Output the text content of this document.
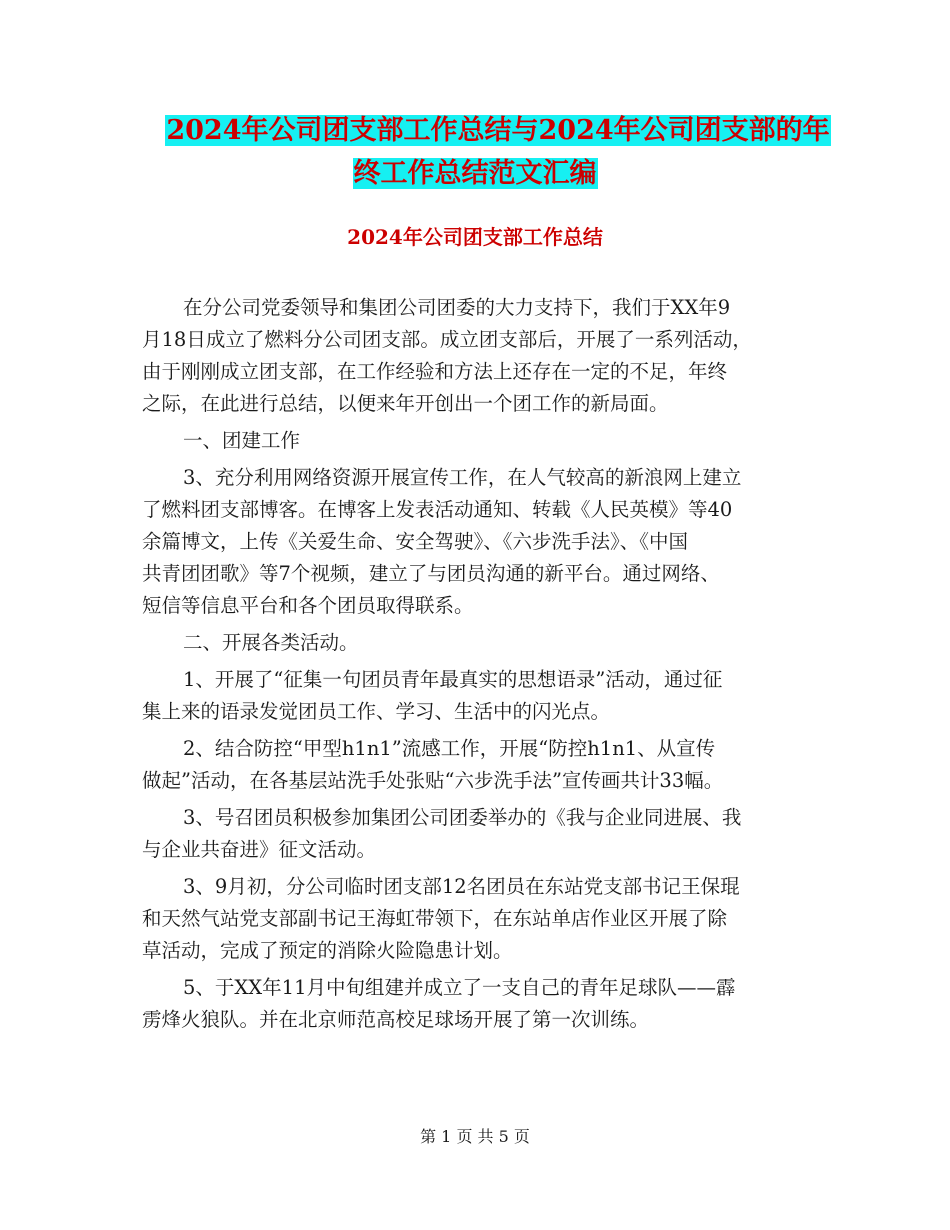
2024年公司团支部工作总结与2024年公司团支部的年
终工作总结范文汇编
2024年公司团支部工作总结
在分公司党委领导和集团公司团委的大力支持下，我们于XX年9
月18日成立了燃料分公司团支部。成立团支部后，开展了一系列活动，
由于刚刚成立团支部，在工作经验和方法上还存在一定的不足，年终
之际，在此进行总结，以便来年开创出一个团工作的新局面。
一、团建工作
3、充分利用网络资源开展宣传工作，在人气较高的新浪网上建立
了燃料团支部博客。在博客上发表活动通知、转载《人民英模》等40
余篇博文，上传《关爱生命、安全驾驶》、《六步洗手法》、《中国
共青团团歌》等7个视频，建立了与团员沟通的新平台。通过网络、
短信等信息平台和各个团员取得联系。
二、开展各类活动。
1、开展了“征集一句团员青年最真实的思想语录”活动，通过征
集上来的语录发觉团员工作、学习、生活中的闪光点。
2、结合防控“甲型h1n1”流感工作，开展“防控h1n1、从宣传
做起”活动，在各基层站洗手处张贴“六步洗手法”宣传画共计33幅。
3、号召团员积极参加集团公司团委举办的《我与企业同进展、我
与企业共奋进》征文活动。
3、9月初，分公司临时团支部12名团员在东站党支部书记王保琨
和天然气站党支部副书记王海虹带领下，在东站单店作业区开展了除
草活动，完成了预定的消除火险隐患计划。
5、于XX年11月中旬组建并成立了一支自己的青年足球队——霹
雳烽火狼队。并在北京师范高校足球场开展了第一次训练。
第 1 页 共 5 页
